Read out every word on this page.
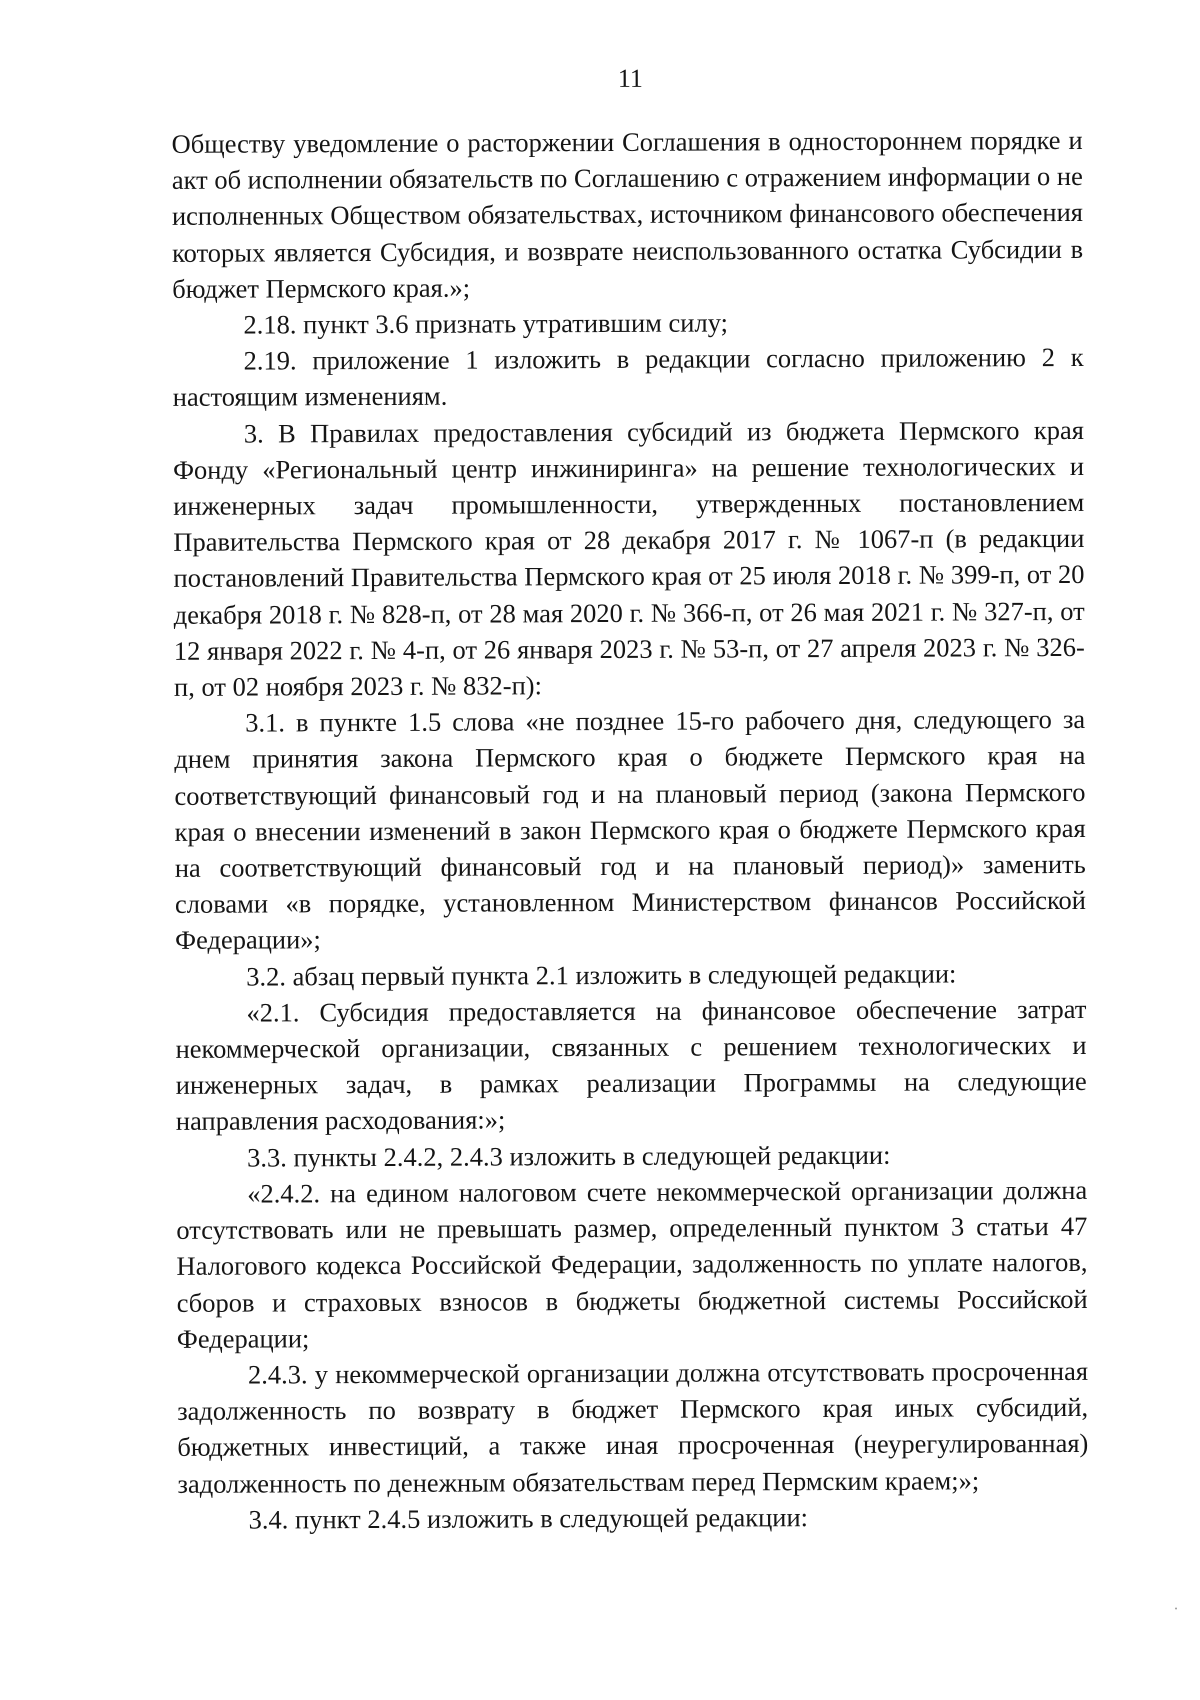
11

Обществу уведомление о расторжении Соглашения в одностороннем порядке и акт об исполнении обязательств по Соглашению с отражением информации о не исполненных Обществом обязательствах, источником финансового обеспечения которых является Субсидия, и возврате неиспользованного остатка Субсидии в бюджет Пермского края.»;

2.18. пункт 3.6 признать утратившим силу;

2.19. приложение 1 изложить в редакции согласно приложению 2 к настоящим изменениям.

3. В Правилах предоставления субсидий из бюджета Пермского края Фонду «Региональный центр инжиниринга» на решение технологических и инженерных задач промышленности, утвержденных постановлением Правительства Пермского края от 28 декабря 2017 г. № 1067-п (в редакции постановлений Правительства Пермского края от 25 июля 2018 г. № 399-п, от 20 декабря 2018 г. № 828-п, от 28 мая 2020 г. № 366-п, от 26 мая 2021 г. № 327-п, от 12 января 2022 г. № 4-п, от 26 января 2023 г. № 53-п, от 27 апреля 2023 г. № 326-п, от 02 ноября 2023 г. № 832-п):

3.1. в пункте 1.5 слова «не позднее 15-го рабочего дня, следующего за днем принятия закона Пермского края о бюджете Пермского края на соответствующий финансовый год и на плановый период (закона Пермского края о внесении изменений в закон Пермского края о бюджете Пермского края на соответствующий финансовый год и на плановый период)» заменить словами «в порядке, установленном Министерством финансов Российской Федерации»;

3.2. абзац первый пункта 2.1 изложить в следующей редакции:

«2.1. Субсидия предоставляется на финансовое обеспечение затрат некоммерческой организации, связанных с решением технологических и инженерных задач, в рамках реализации Программы на следующие направления расходования:»;

3.3. пункты 2.4.2, 2.4.3 изложить в следующей редакции:

«2.4.2. на едином налоговом счете некоммерческой организации должна отсутствовать или не превышать размер, определенный пунктом 3 статьи 47 Налогового кодекса Российской Федерации, задолженность по уплате налогов, сборов и страховых взносов в бюджеты бюджетной системы Российской Федерации;

2.4.3. у некоммерческой организации должна отсутствовать просроченная задолженность по возврату в бюджет Пермского края иных субсидий, бюджетных инвестиций, а также иная просроченная (неурегулированная) задолженность по денежным обязательствам перед Пермским краем;»;

3.4. пункт 2.4.5 изложить в следующей редакции:
